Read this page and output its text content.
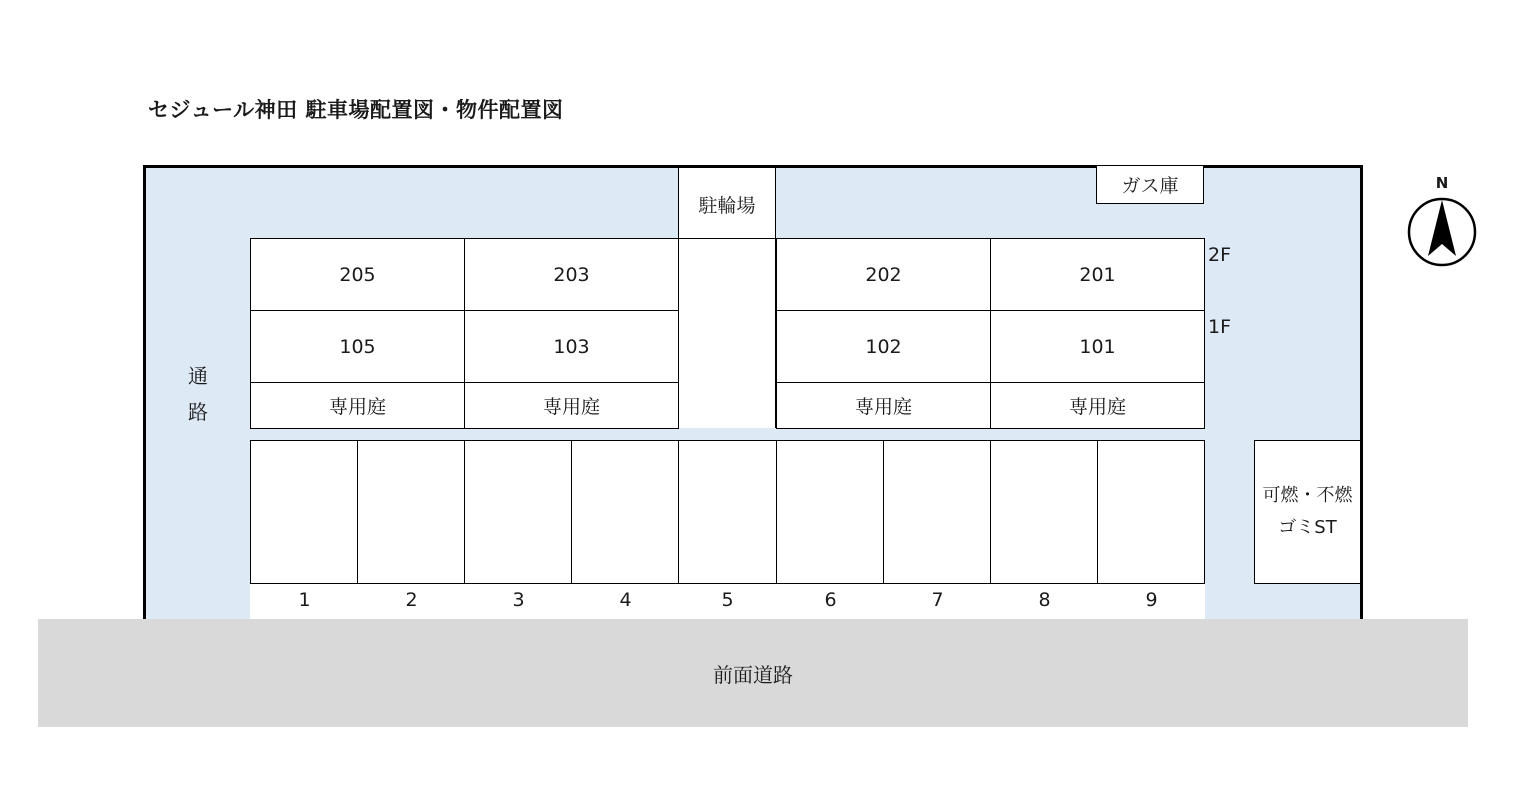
セジュール神田 駐車場配置図・物件配置図
駐輪場
ガス庫
205	203
105	103
専用庭	専用庭
202	201
102	101
専用庭	専用庭
2F
1F
通
路
1	2	3	4	5	6	7	8	9
可燃・不燃
ゴミST
前面道路
N
